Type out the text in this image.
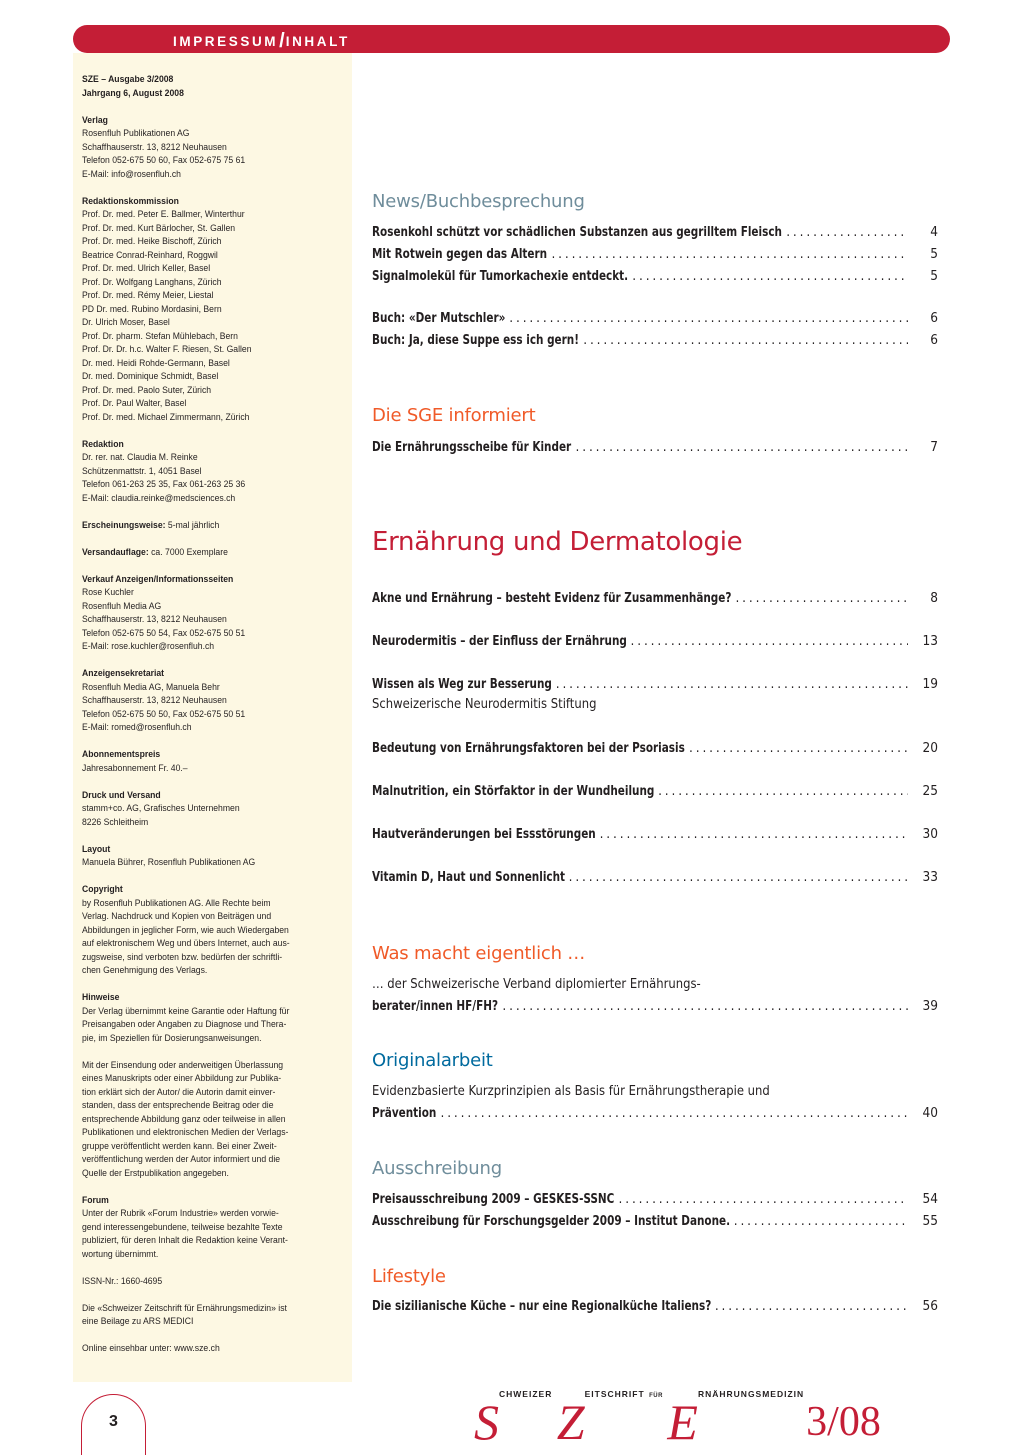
IMPRESSUM/INHALT
SZE – Ausgabe 3/2008
Jahrgang 6, August 2008
Verlag
Rosenfluh Publikationen AG
Schaffhauserstr. 13, 8212 Neuhausen
Telefon 052-675 50 60, Fax 052-675 75 61
E-Mail: info@rosenfluh.ch
Redaktionskommission
Prof. Dr. med. Peter E. Ballmer, Winterthur
Prof. Dr. med. Kurt Bärlocher, St. Gallen
Prof. Dr. med. Heike Bischoff, Zürich
Beatrice Conrad-Reinhard, Roggwil
Prof. Dr. med. Ulrich Keller, Basel
Prof. Dr. Wolfgang Langhans, Zürich
Prof. Dr. med. Rémy Meier, Liestal
PD Dr. med. Rubino Mordasini, Bern
Dr. Ulrich Moser, Basel
Prof. Dr. pharm. Stefan Mühlebach, Bern
Prof. Dr. Dr. h.c. Walter F. Riesen, St. Gallen
Dr. med. Heidi Rohde-Germann, Basel
Dr. med. Dominique Schmidt, Basel
Prof. Dr. med. Paolo Suter, Zürich
Prof. Dr. Paul Walter, Basel
Prof. Dr. med. Michael Zimmermann, Zürich
Redaktion
Dr. rer. nat. Claudia M. Reinke
Schützenmattstr. 1, 4051 Basel
Telefon 061-263 25 35, Fax 061-263 25 36
E-Mail: claudia.reinke@medsciences.ch
Erscheinungsweise: 5-mal jährlich
Versandauflage: ca. 7000 Exemplare
Verkauf Anzeigen/Informationsseiten
Rose Kuchler
Rosenfluh Media AG
Schaffhauserstr. 13, 8212 Neuhausen
Telefon 052-675 50 54, Fax 052-675 50 51
E-Mail: rose.kuchler@rosenfluh.ch
Anzeigensekretariat
Rosenfluh Media AG, Manuela Behr
Schaffhauserstr. 13, 8212 Neuhausen
Telefon 052-675 50 50, Fax 052-675 50 51
E-Mail: romed@rosenfluh.ch
Abonnementspreis
Jahresabonnement Fr. 40.–
Druck und Versand
stamm+co. AG, Grafisches Unternehmen
8226 Schleitheim
Layout
Manuela Bührer, Rosenfluh Publikationen AG
Copyright
by Rosenfluh Publikationen AG. Alle Rechte beim
Verlag. Nachdruck und Kopien von Beiträgen und
Abbildungen in jeglicher Form, wie auch Wiedergaben
auf elektronischem Weg und übers Internet, auch aus-
zugsweise, sind verboten bzw. bedürfen der schriftli-
chen Genehmigung des Verlags.
Hinweise
Der Verlag übernimmt keine Garantie oder Haftung für
Preisangaben oder Angaben zu Diagnose und Thera-
pie, im Speziellen für Dosierungsanweisungen.
Mit der Einsendung oder anderweitigen Überlassung
eines Manuskripts oder einer Abbildung zur Publika-
tion erklärt sich der Autor/ die Autorin damit einver-
standen, dass der entsprechende Beitrag oder die
entsprechende Abbildung ganz oder teilweise in allen
Publikationen und elektronischen Medien der Verlags-
gruppe veröffentlicht werden kann. Bei einer Zweit-
veröffentlichung werden der Autor informiert und die
Quelle der Erstpublikation angegeben.
Forum
Unter der Rubrik «Forum Industrie» werden vorwie-
gend interessengebundene, teilweise bezahlte Texte
publiziert, für deren Inhalt die Redaktion keine Verant-
wortung übernimmt.
ISSN-Nr.: 1660-4695
Die «Schweizer Zeitschrift für Ernährungsmedizin» ist
eine Beilage zu ARS MEDICI
Online einsehbar unter: www.sze.ch
News/Buchbesprechung
Die SGE informiert
Ernährung und Dermatologie
Was macht eigentlich …
… der Schweizerische Verband diplomierter Ernährungs-
Originalarbeit
Evidenzbasierte Kurzprinzipien als Basis für Ernährungstherapie und
Ausschreibung
Lifestyle
Rosenkohl schützt vor schädlichen Substanzen aus gegrilltem Fleisch . . .	4
Mit Rotwein gegen das Altern . . .	5
Signalmolekül für Tumorkachexie entdeckt. . . .	5
Buch: «Der Mutschler» . . .	6
Buch: Ja, diese Suppe ess ich gern! . . .	6
Die Ernährungsscheibe für Kinder . . .	7
Akne und Ernährung – besteht Evidenz für Zusammenhänge? . . .	8
Neurodermitis – der Einfluss der Ernährung . . .	13
Wissen als Weg zur Besserung . . .	19
Schweizerische Neurodermitis Stiftung
Bedeutung von Ernährungsfaktoren bei der Psoriasis . . .	20
Malnutrition, ein Störfaktor in der Wundheilung . . .	25
Hautveränderungen bei Essstörungen . . .	30
Vitamin D, Haut und Sonnenlicht . . .	33
Preisausschreibung 2009 – GESKES-SSNC . . .	54
Ausschreibung für Forschungsgelder 2009 – Institut Danone. . . .	55
Die sizilianische Küche – nur eine Regionalküche Italiens? . . .	56
berater/innen HF/FH? . . .	39
Prävention . . .	40
3	$S^{CHWEIZER}$ $Z^{EITSCHRIFT}$ $^{FÜR}$ $E^{RNÄHRUNGSMEDIZIN}3/08$
